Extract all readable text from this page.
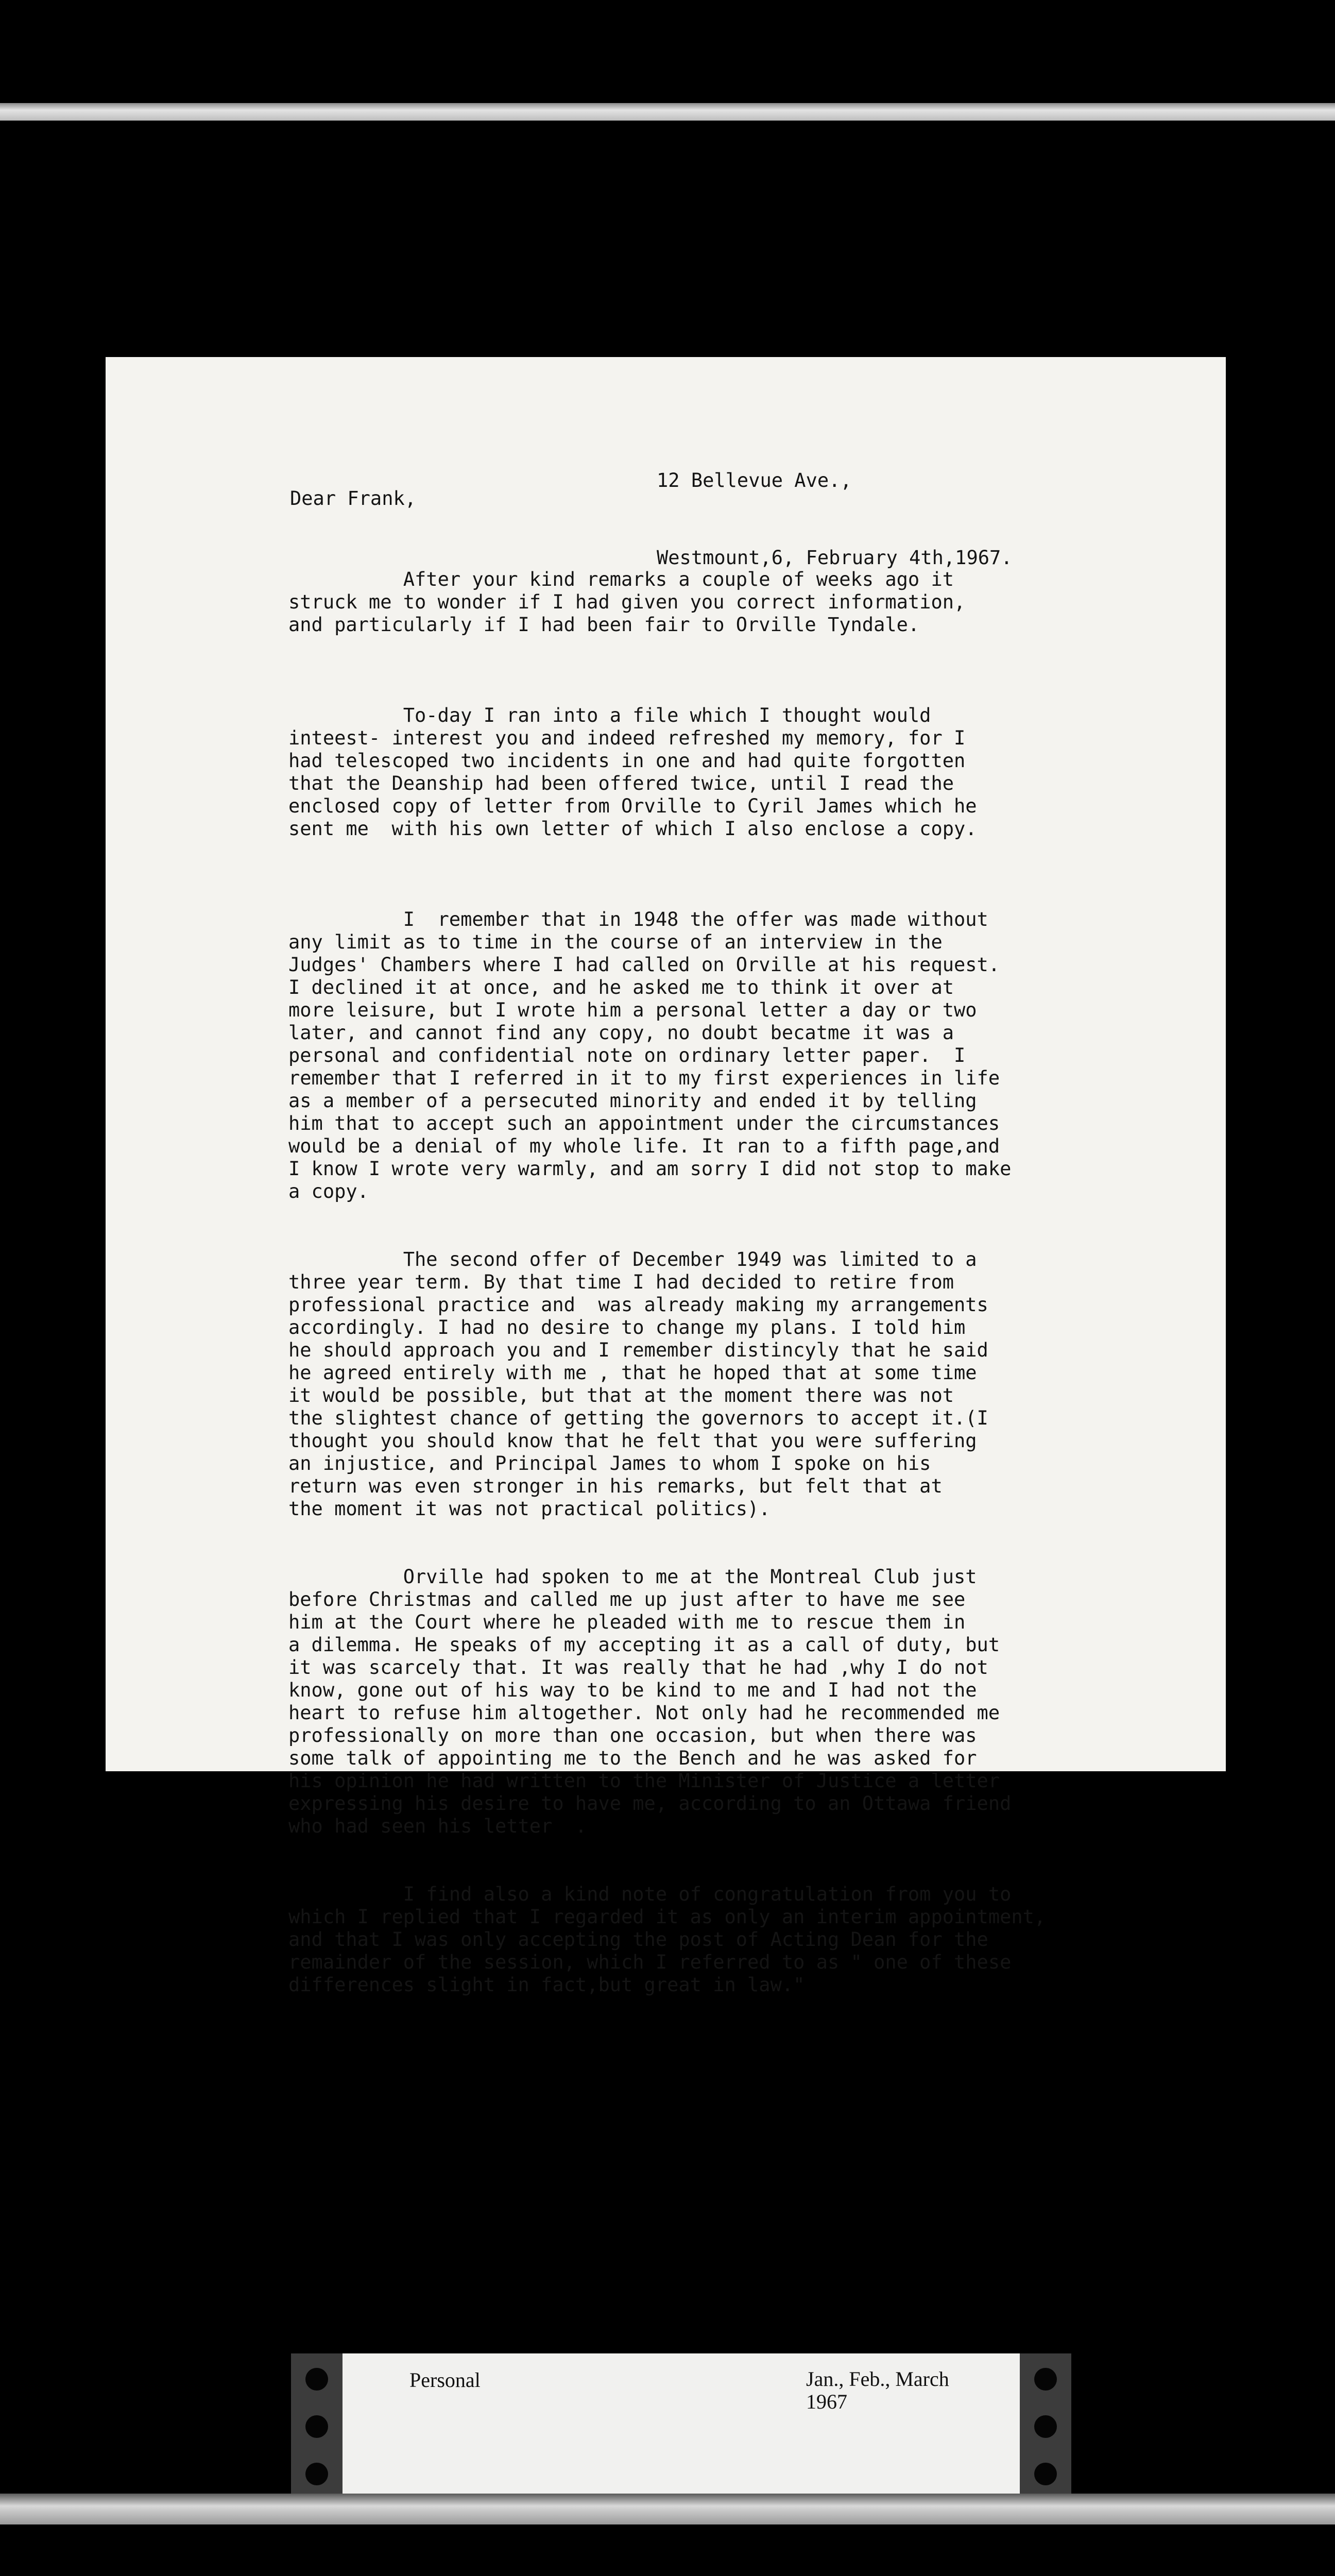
12 Bellevue Ave.,

Westmount,6, February 4th,1967.

Dear Frank,

After your kind remarks a couple of weeks ago it
struck me to wonder if I had given you correct information,
and particularly if I had been fair to Orville Tyndale.

To-day I ran into a file which I thought would
inteest- interest you and indeed refreshed my memory, for I
had telescoped two incidents in one and had quite forgotten
that the Deanship had been offered twice, until I read the
enclosed copy of letter from Orville to Cyril James which he
sent me  with his own letter of which I also enclose a copy.

I  remember that in 1948 the offer was made without
any limit as to time in the course of an interview in the
Judges' Chambers where I had called on Orville at his request.
I declined it at once, and he asked me to think it over at
more leisure, but I wrote him a personal letter a day or two
later, and cannot find any copy, no doubt becatme it was a
personal and confidential note on ordinary letter paper.  I
remember that I referred in it to my first experiences in life
as a member of a persecuted minority and ended it by telling
him that to accept such an appointment under the circumstances
would be a denial of my whole life. It ran to a fifth page,and
I know I wrote very warmly, and am sorry I did not stop to make
a copy.

The second offer of December 1949 was limited to a
three year term. By that time I had decided to retire from
professional practice and  was already making my arrangements
accordingly. I had no desire to change my plans. I told him
he should approach you and I remember distincyly that he said
he agreed entirely with me , that he hoped that at some time
it would be possible, but that at the moment there was not
the slightest chance of getting the governors to accept it.(I
thought you should know that he felt that you were suffering
an injustice, and Principal James to whom I spoke on his
return was even stronger in his remarks, but felt that at
the moment it was not practical politics).

Orville had spoken to me at the Montreal Club just
before Christmas and called me up just after to have me see
him at the Court where he pleaded with me to rescue them in
a dilemma. He speaks of my accepting it as a call of duty, but
it was scarcely that. It was really that he had ,why I do not
know, gone out of his way to be kind to me and I had not the
heart to refuse him altogether. Not only had he recommended me
professionally on more than one occasion, but when there was
some talk of appointing me to the Bench and he was asked for
his opinion he had written to the Minister of Justice a letter
expressing his desire to have me, according to an Ottawa friend
who had seen his letter  .

I find also a kind note of congratulation from you to
which I replied that I regarded it as only an interim appointment,
and that I was only accepting the post of Acting Dean for the
remainder of the session, which I referred to as " one of these
differences slight in fact,but great in law."

Personal	Jan., Feb., March
1967
